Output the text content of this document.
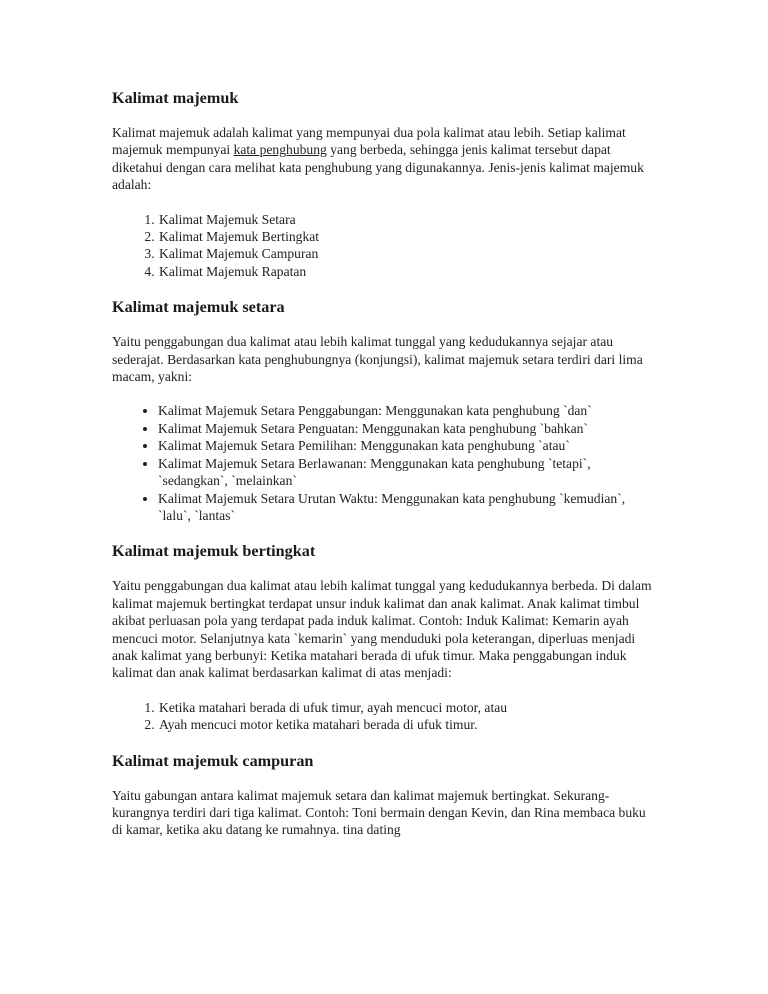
Kalimat majemuk

Kalimat majemuk adalah kalimat yang mempunyai dua pola kalimat atau lebih. Setiap kalimat majemuk mempunyai kata penghubung yang berbeda, sehingga jenis kalimat tersebut dapat diketahui dengan cara melihat kata penghubung yang digunakannya. Jenis-jenis kalimat majemuk adalah:

1. Kalimat Majemuk Setara
2. Kalimat Majemuk Bertingkat
3. Kalimat Majemuk Campuran
4. Kalimat Majemuk Rapatan
Kalimat majemuk setara

Yaitu penggabungan dua kalimat atau lebih kalimat tunggal yang kedudukannya sejajar atau sederajat. Berdasarkan kata penghubungnya (konjungsi), kalimat majemuk setara terdiri dari lima macam, yakni:

• Kalimat Majemuk Setara Penggabungan: Menggunakan kata penghubung `dan`
• Kalimat Majemuk Setara Penguatan: Menggunakan kata penghubung `bahkan`
• Kalimat Majemuk Setara Pemilihan: Menggunakan kata penghubung `atau`
• Kalimat Majemuk Setara Berlawanan: Menggunakan kata penghubung `tetapi`, `sedangkan`, `melainkan`
• Kalimat Majemuk Setara Urutan Waktu: Menggunakan kata penghubung `kemudian`, `lalu`, `lantas`
Kalimat majemuk bertingkat

Yaitu penggabungan dua kalimat atau lebih kalimat tunggal yang kedudukannya berbeda. Di dalam kalimat majemuk bertingkat terdapat unsur induk kalimat dan anak kalimat. Anak kalimat timbul akibat perluasan pola yang terdapat pada induk kalimat. Contoh: Induk Kalimat: Kemarin ayah mencuci motor. Selanjutnya kata `kemarin` yang menduduki pola keterangan, diperluas menjadi anak kalimat yang berbunyi: Ketika matahari berada di ufuk timur. Maka penggabungan induk kalimat dan anak kalimat berdasarkan kalimat di atas menjadi:

1. Ketika matahari berada di ufuk timur, ayah mencuci motor, atau
2. Ayah mencuci motor ketika matahari berada di ufuk timur.
Kalimat majemuk campuran

Yaitu gabungan antara kalimat majemuk setara dan kalimat majemuk bertingkat. Sekurang-kurangnya terdiri dari tiga kalimat. Contoh: Toni bermain dengan Kevin, dan Rina membaca buku di kamar, ketika aku datang ke rumahnya. tina dating
